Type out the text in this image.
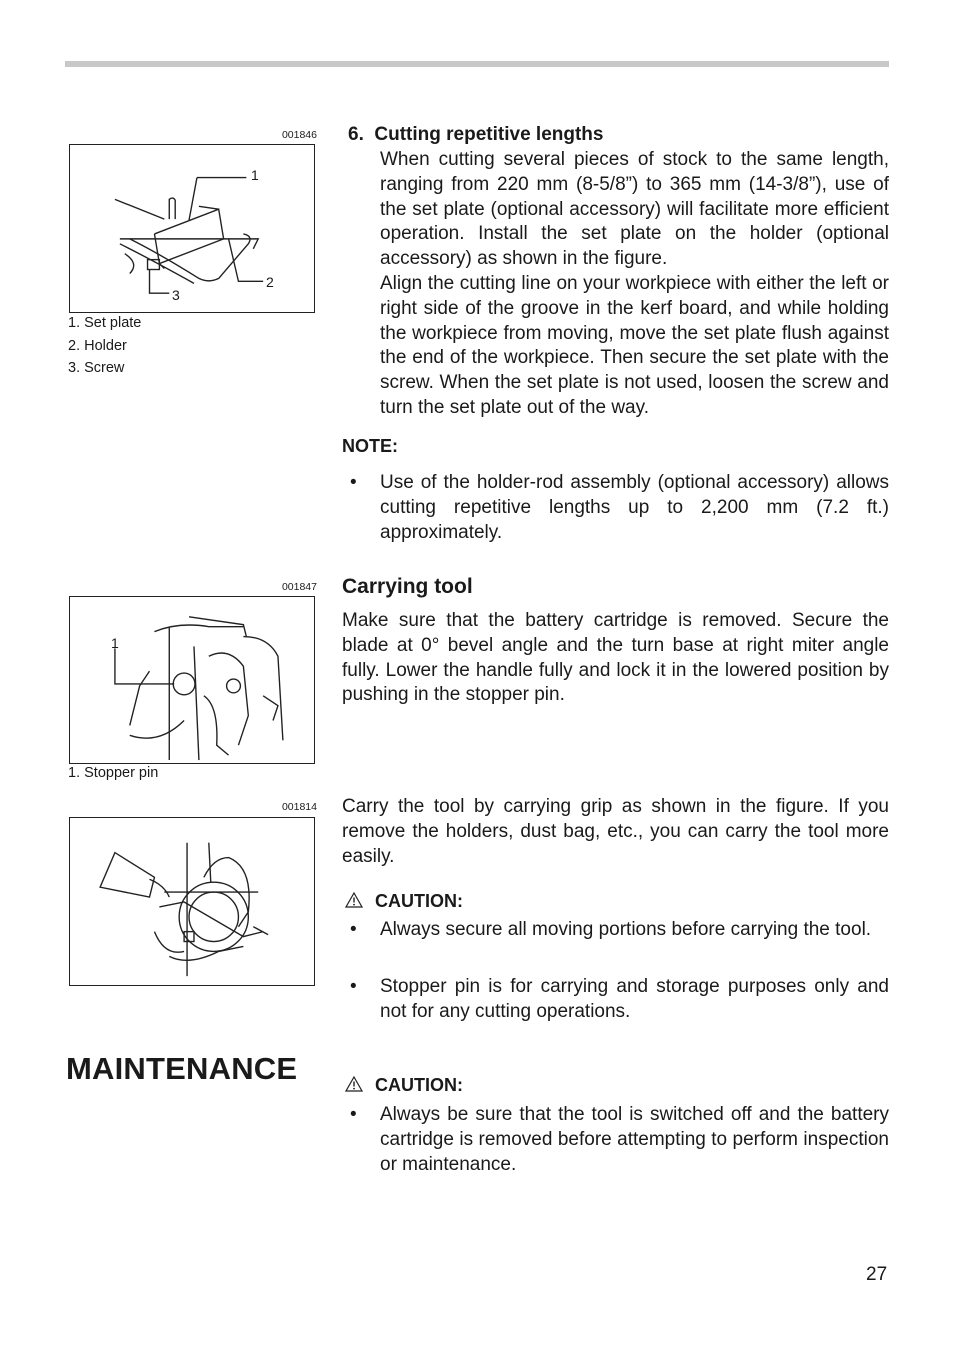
001846
1
2
3
1. Set plate
2. Holder
3. Screw
001847
1
1. Stopper pin
001814
6.  Cutting repetitive lengths
When cutting several pieces of stock to the same length, ranging from 220 mm (8-5/8”) to 365 mm (14-3/8”), use of the set plate (optional accessory) will facilitate more efficient operation. Install the set plate on the holder (optional accessory) as shown in the figure.
Align the cutting line on your workpiece with either the left or right side of the groove in the kerf board, and while holding the workpiece from moving, move the set plate flush against the end of the workpiece. Then secure the set plate with the screw. When the set plate is not used, loosen the screw and turn the set plate out of the way.
NOTE:
• Use of the holder-rod assembly (optional accessory) allows cutting repetitive lengths up to 2,200 mm (7.2 ft.) approximately.
Carrying tool
Make sure that the battery cartridge is removed. Secure the blade at 0° bevel angle and the turn base at right miter angle fully. Lower the handle fully and lock it in the lowered position by pushing in the stopper pin.
Carry the tool by carrying grip as shown in the figure. If you remove the holders, dust bag, etc., you can carry the tool more easily.
CAUTION:
• Always secure all moving portions before carrying the tool.
• Stopper pin is for carrying and storage purposes only and not for any cutting operations.
MAINTENANCE	CAUTION:
• Always be sure that the tool is switched off and the battery cartridge is removed before attempting to perform inspection or maintenance.
27
